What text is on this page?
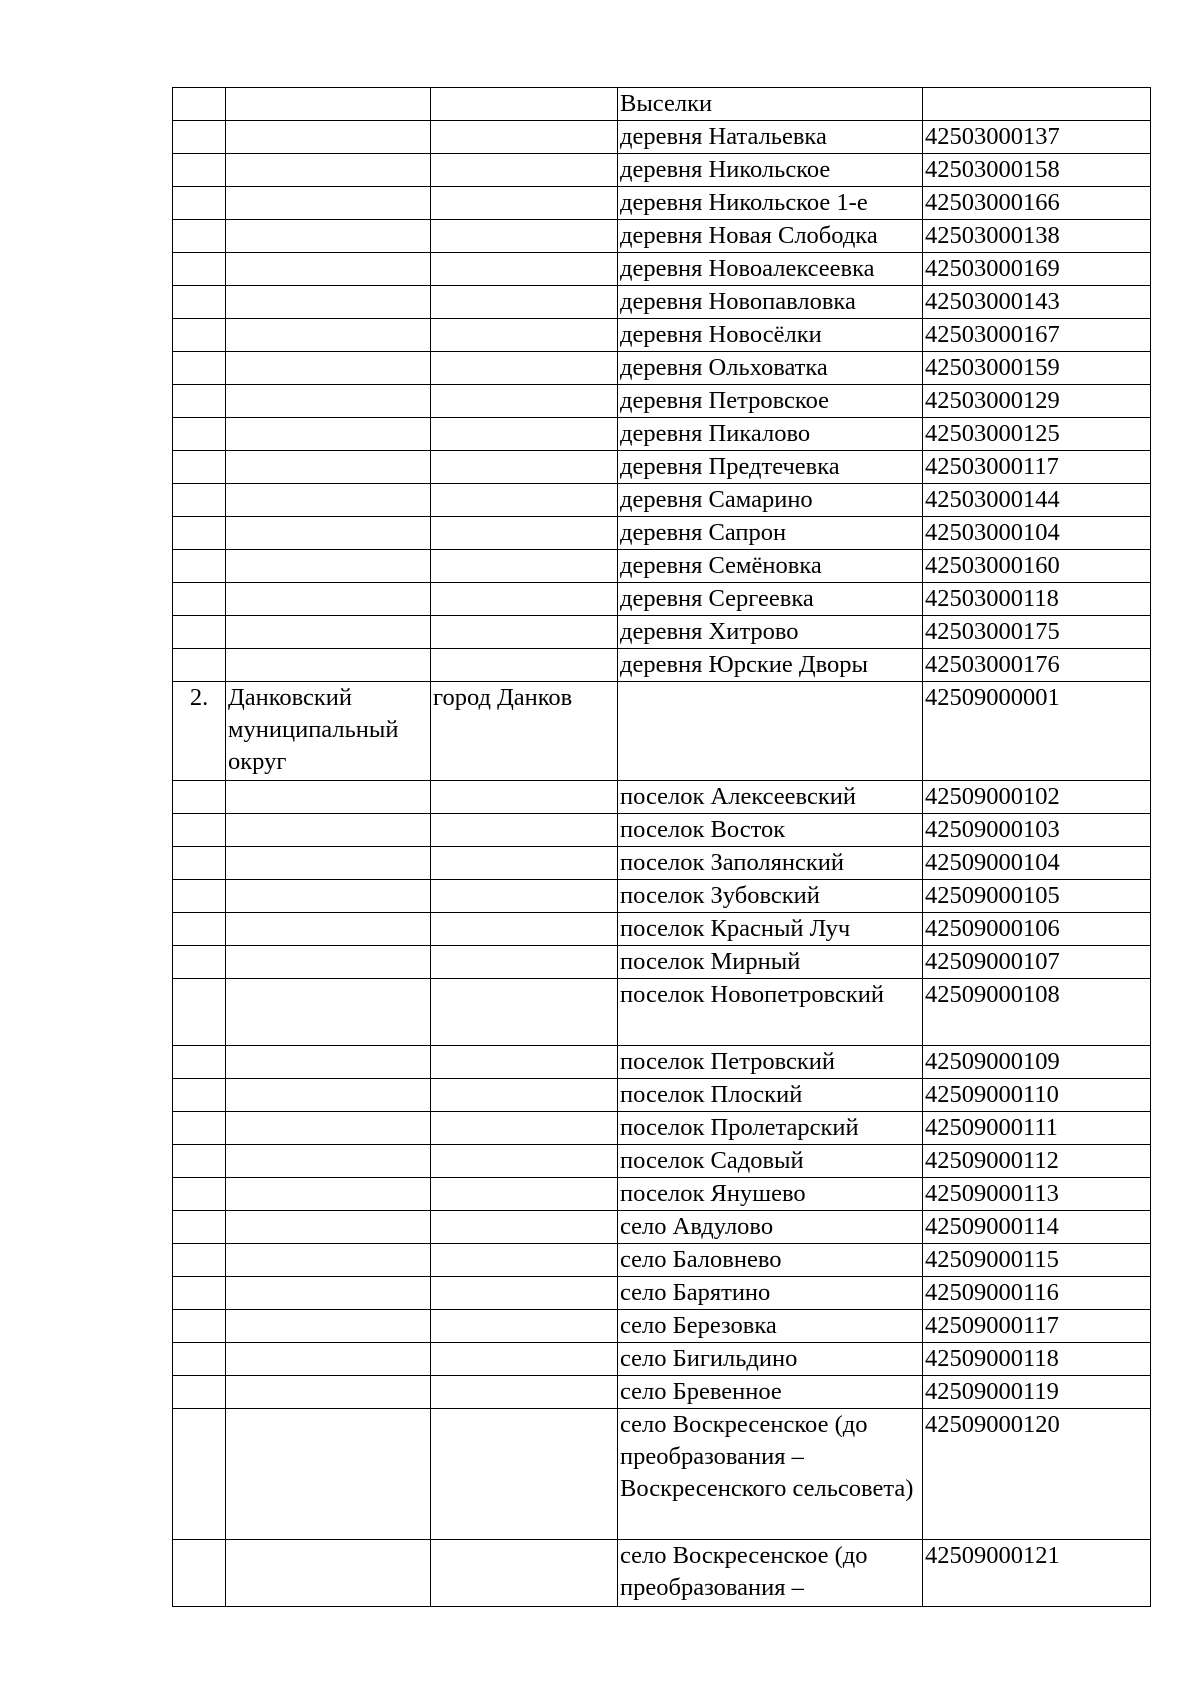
			Выселки	
			деревня Натальевка	42503000137
			деревня Никольское	42503000158
			деревня Никольское 1-е	42503000166
			деревня Новая Слободка	42503000138
			деревня Новоалексеевка	42503000169
			деревня Новопавловка	42503000143
			деревня Новосёлки	42503000167
			деревня Ольховатка	42503000159
			деревня Петровское	42503000129
			деревня Пикалово	42503000125
			деревня Предтечевка	42503000117
			деревня Самарино	42503000144
			деревня Сапрон	42503000104
			деревня Семёновка	42503000160
			деревня Сергеевка	42503000118
			деревня Хитрово	42503000175
			деревня Юрские Дворы	42503000176
2.	Данковский муниципальный округ	город Данков		42509000001
			поселок Алексеевский	42509000102
			поселок Восток	42509000103
			поселок Заполянский	42509000104
			поселок Зубовский	42509000105
			поселок Красный Луч	42509000106
			поселок Мирный	42509000107
			поселок Новопетровский	42509000108
			поселок Петровский	42509000109
			поселок Плоский	42509000110
			поселок Пролетарский	42509000111
			поселок Садовый	42509000112
			поселок Янушево	42509000113
			село Авдулово	42509000114
			село Баловнево	42509000115
			село Барятино	42509000116
			село Березовка	42509000117
			село Бигильдино	42509000118
			село Бревенное	42509000119
			село Воскресенское (до преобразования – Воскресенского сельсовета)	42509000120
			село Воскресенское (до преобразования –	42509000121
